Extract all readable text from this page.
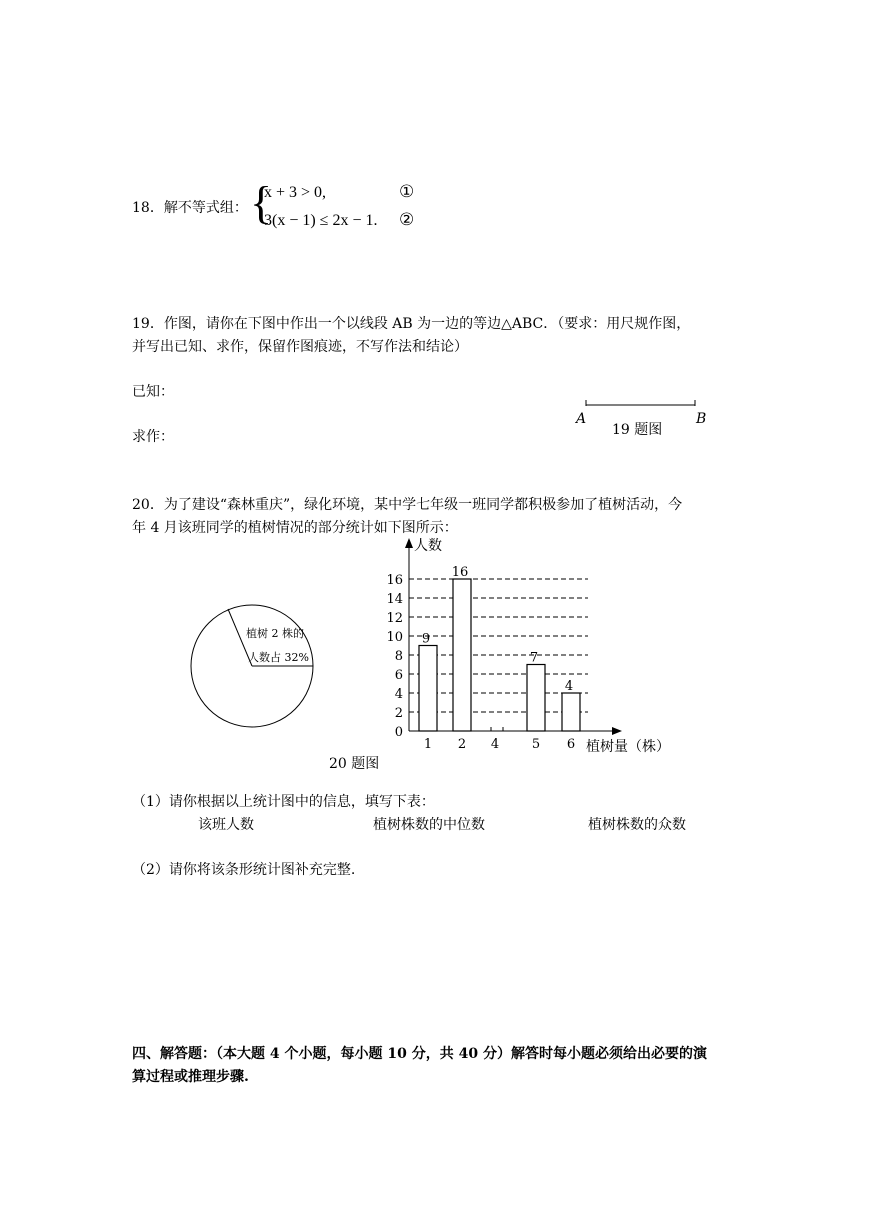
18．解不等式组： {
x + 3 > 0,	①
3(x − 1) ≤ 2x − 1. ②
19．作图，请你在下图中作出一个以线段 AB 为一边的等边△ABC．（要求：用尺规作图，
并写出已知、求作，保留作图痕迹，不写作法和结论）
已知：
求作：
A	B
19 题图
20．为了建设“森林重庆”，绿化环境，某中学七年级一班同学都积极参加了植树活动，今
年 4 月该班同学的植树情况的部分统计如下图所示：
植树 2 株的
人数占 32%
20 题图
0
2
4
6
8
10
12
14
16
人数
植树量（株）
9
1
16
2 4
7
5
4
6
（1）请你根据以上统计图中的信息，填写下表：
该班人数	植树株数的中位数	植树株数的众数
（2）请你将该条形统计图补充完整.
四、解答题：（本大题 4 个小题，每小题 10 分，共 40 分）解答时每小题必须给出必要的演
算过程或推理步骤.
